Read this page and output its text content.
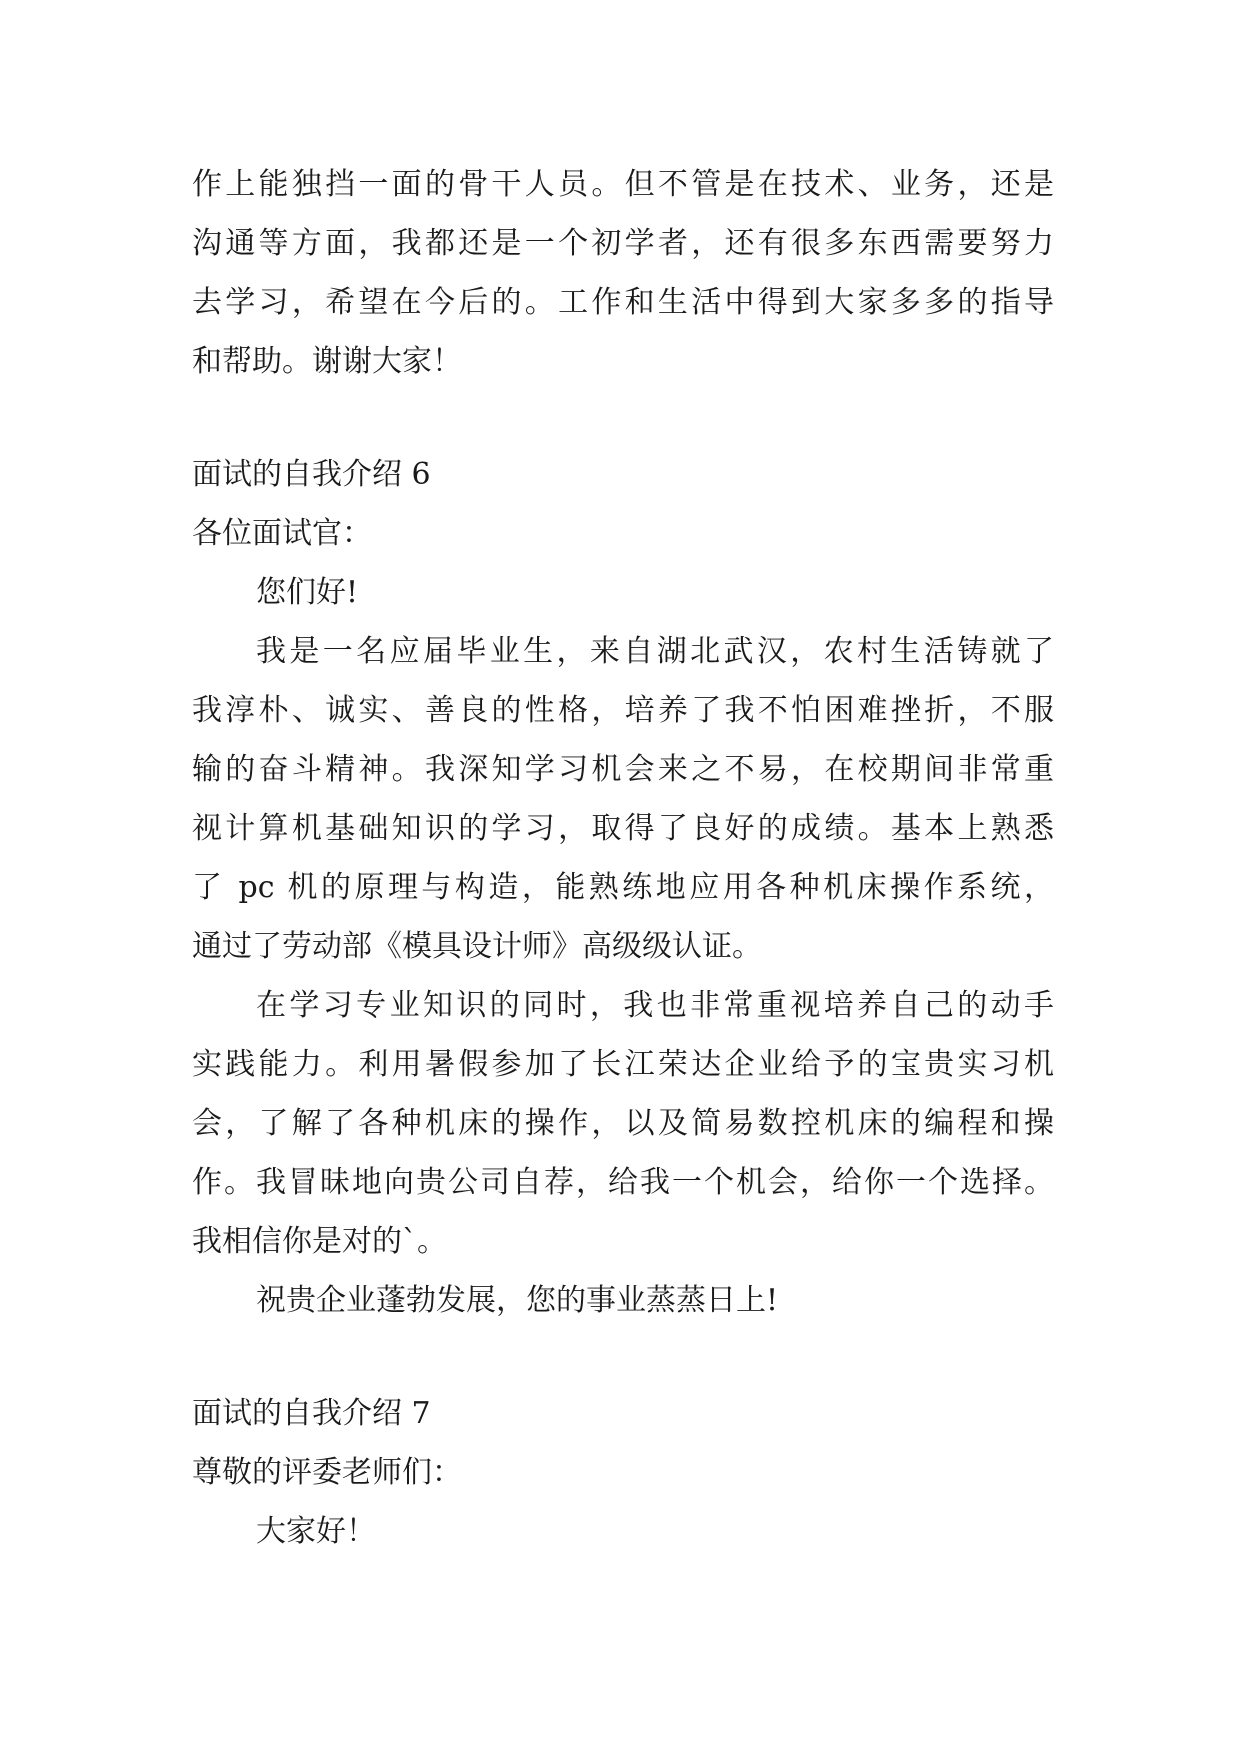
作上能独挡一面的骨干人员。但不管是在技术、业务，还是

沟通等方面，我都还是一个初学者，还有很多东西需要努力

去学习，希望在今后的。工作和生活中得到大家多多的指导

和帮助。谢谢大家！

面试的自我介绍 6

各位面试官：

您们好!

我是一名应届毕业生，来自湖北武汉，农村生活铸就了

我淳朴、诚实、善良的性格，培养了我不怕困难挫折，不服

输的奋斗精神。我深知学习机会来之不易，在校期间非常重

视计算机基础知识的学习，取得了良好的成绩。基本上熟悉

了 pc 机的原理与构造，能熟练地应用各种机床操作系统，

通过了劳动部《模具设计师》高级级认证。

在学习专业知识的同时，我也非常重视培养自己的动手

实践能力。利用暑假参加了长江荣达企业给予的宝贵实习机

会，了解了各种机床的操作，以及简易数控机床的编程和操

作。我冒昧地向贵公司自荐，给我一个机会，给你一个选择。

我相信你是对的`。

祝贵企业蓬勃发展，您的事业蒸蒸日上!

面试的自我介绍 7

尊敬的评委老师们：

大家好！
